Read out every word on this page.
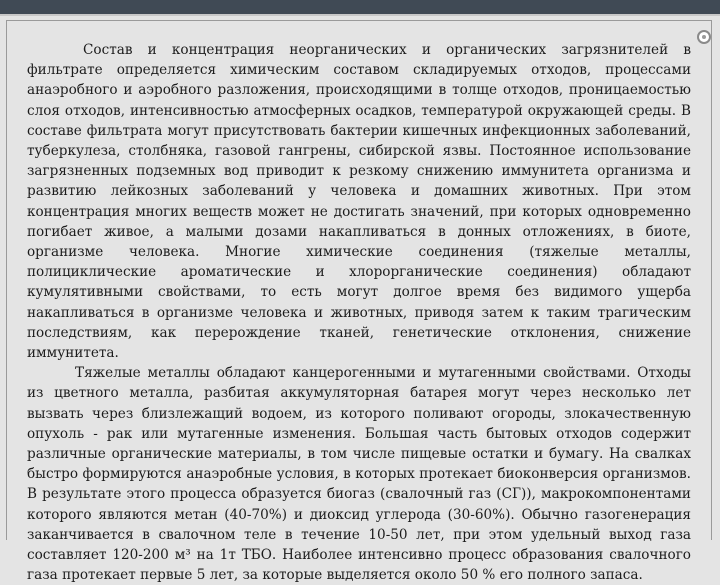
Состав и концентрация неорганических и органических загрязнителей в фильтрате определяется химическим составом складируемых отходов, процессами анаэробного и аэробного разложения, происходящими в толще отходов, проницаемостью слоя отходов, интенсивностью атмосферных осадков, температурой окружающей среды. В составе фильтрата могут присутствовать бактерии кишечных инфекционных заболеваний, туберкулеза, столбняка, газовой гангрены, сибирской язвы. Постоянное использование загрязненных подземных вод приводит к резкому снижению иммунитета организма и развитию лейкозных заболеваний у человека и домашних животных. При этом концентрация многих веществ может не достигать значений, при которых одновременно погибает живое, а малыми дозами накапливаться в донных отложениях, в биоте, организме человека. Многие химические соединения (тяжелые металлы, полициклические ароматические и хлорорганические соединения) обладают кумулятивными свойствами, то есть могут долгое время без видимого ущерба накапливаться в организме человека и животных, приводя затем к таким трагическим последствиям, как перерождение тканей, генетические отклонения, снижение иммунитета.

Тяжелые металлы обладают канцерогенными и мутагенными свойствами. Отходы из цветного металла, разбитая аккумуляторная батарея могут через несколько лет вызвать через близлежащий водоем, из которого поливают огороды, злокачественную опухоль - рак или мутагенные изменения. Большая часть бытовых отходов содержит различные органические материалы, в том числе пищевые остатки и бумагу. На свалках быстро формируются анаэробные условия, в которых протекает биоконверсия организмов. В результате этого процесса образуется биогаз (свалочный газ (СГ)), макрокомпонентами которого являются метан (40-70%) и диоксид углерода (30-60%). Обычно газогенерация заканчивается в свалочном теле в течение 10-50 лет, при этом удельный выход газа составляет 120-200 м³ на 1т ТБО. Наиболее интенсивно процесс образования свалочного газа протекает первые 5 лет, за которые выделяется около 50 % его полного запаса.
